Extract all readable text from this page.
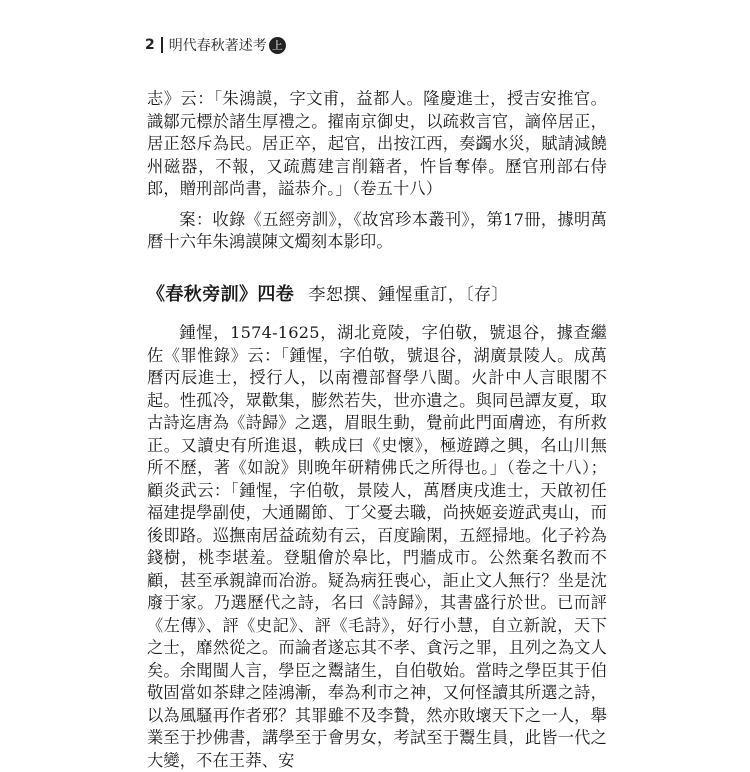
2 明代春秋著述考 上

志》云：「朱鴻謨，字文甫，益都人。隆慶進士，授吉安推官。識鄒元標於諸生厚禮之。擢南京御史，以疏救言官，謫倅居正，居正怒斥為民。居正卒，起官，出按江西，奏蠲水災，賦請減饒州磁器，不報，又疏薦建言削籍者，忤旨奪俸。歷官刑部右侍郎，贈刑部尚書，謚恭介。」（卷五十八）

案：收錄《五經旁訓》，《故宮珍本叢刊》，第17冊，據明萬曆十六年朱鴻謨陳文燭刻本影印。

《春秋旁訓》四卷 李恕撰、鍾惺重訂，〔存〕

鍾惺，1574-1625，湖北竟陵，字伯敬，號退谷，據查繼佐《罪惟錄》云：「鍾惺，字伯敬，號退谷，湖廣景陵人。成萬曆丙辰進士，授行人，以南禮部督學八閩。火計中人言眼閣不起。性孤冷，眾歡集，膨然若失，世亦遺之。與同邑譚友夏，取古詩迄唐為《詩歸》之選，眉眼生動，覺前此門面膚迹，有所救正。又讀史有所進退，軼成曰《史懷》，極遊蹲之興，名山川無所不歷，著《如說》則晚年研精佛氏之所得也。」（卷之十八）；顧炎武云：「鍾惺，字伯敬，景陵人，萬曆庚戌進士，天啟初任福建提學副使，大通關節、丁父憂去職，尚挾姬妾遊武夷山，而後即路。巡撫南居益疏劾有云，百度踰閑，五經掃地。化子衿為錢樹，桃李堪羞。登駔儈於皋比，門牆成市。公然棄名教而不顧，甚至承親諱而冶游。疑為病狂喪心，詎止文人無行？坐是沈廢于家。乃選歷代之詩，名曰《詩歸》，其書盛行於世。已而評《左傳》、評《史記》、評《毛詩》，好行小慧，自立新說，天下之士，靡然從之。而論者遂忘其不孝、貪污之罪，且列之為文人矣。余聞閩人言，學臣之鬻諸生，自伯敬始。當時之學臣其于伯敬固當如茶肆之陸鴻漸，奉為利市之神，又何怪讀其所選之詩，以為風騷再作者邪？其罪雖不及李贄，然亦敗壞天下之一人，舉業至于抄佛書，講學至于會男女，考試至于鬻生員，此皆一代之大變，不在王莽、安
